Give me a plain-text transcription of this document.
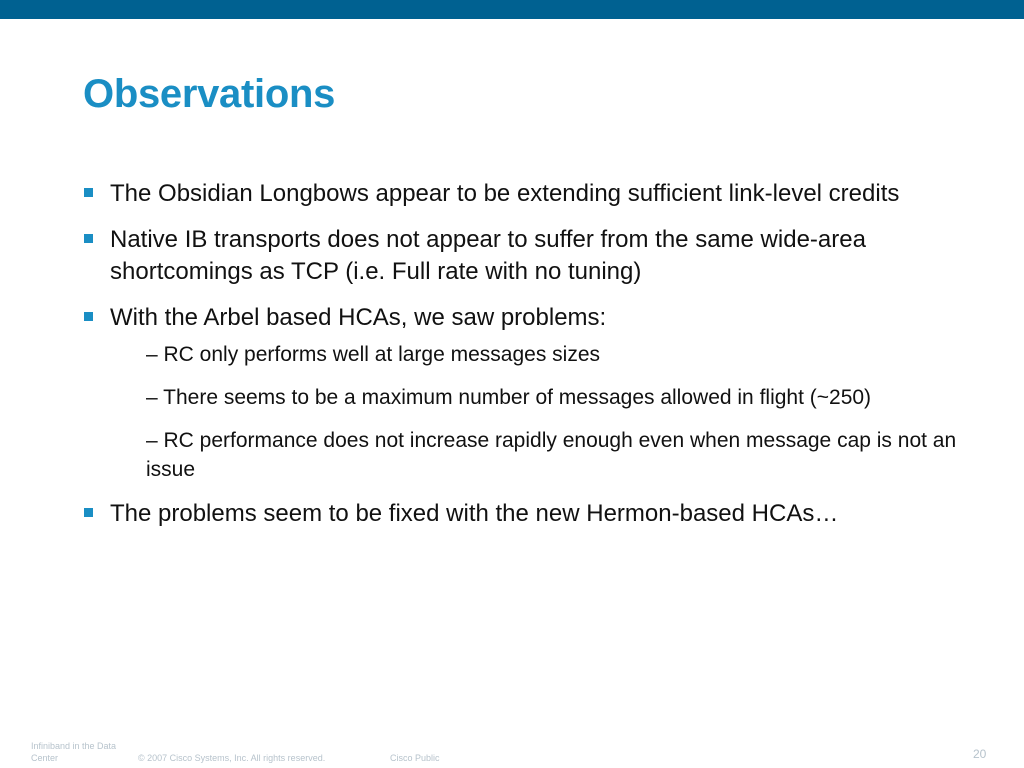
Observations
The Obsidian Longbows appear to be extending sufficient link-level credits
Native IB transports does not appear to suffer from the same wide-area shortcomings as TCP (i.e. Full rate with no tuning)
With the Arbel based HCAs, we saw problems:
– RC only performs well at large messages sizes
– There seems to be a maximum number of messages allowed in flight (~250)
– RC performance does not increase rapidly enough even when message cap is not an issue
The problems seem to be fixed with the new Hermon-based HCAs…
Infiniband in the Data Center	© 2007 Cisco Systems, Inc. All rights reserved.	Cisco Public	20
